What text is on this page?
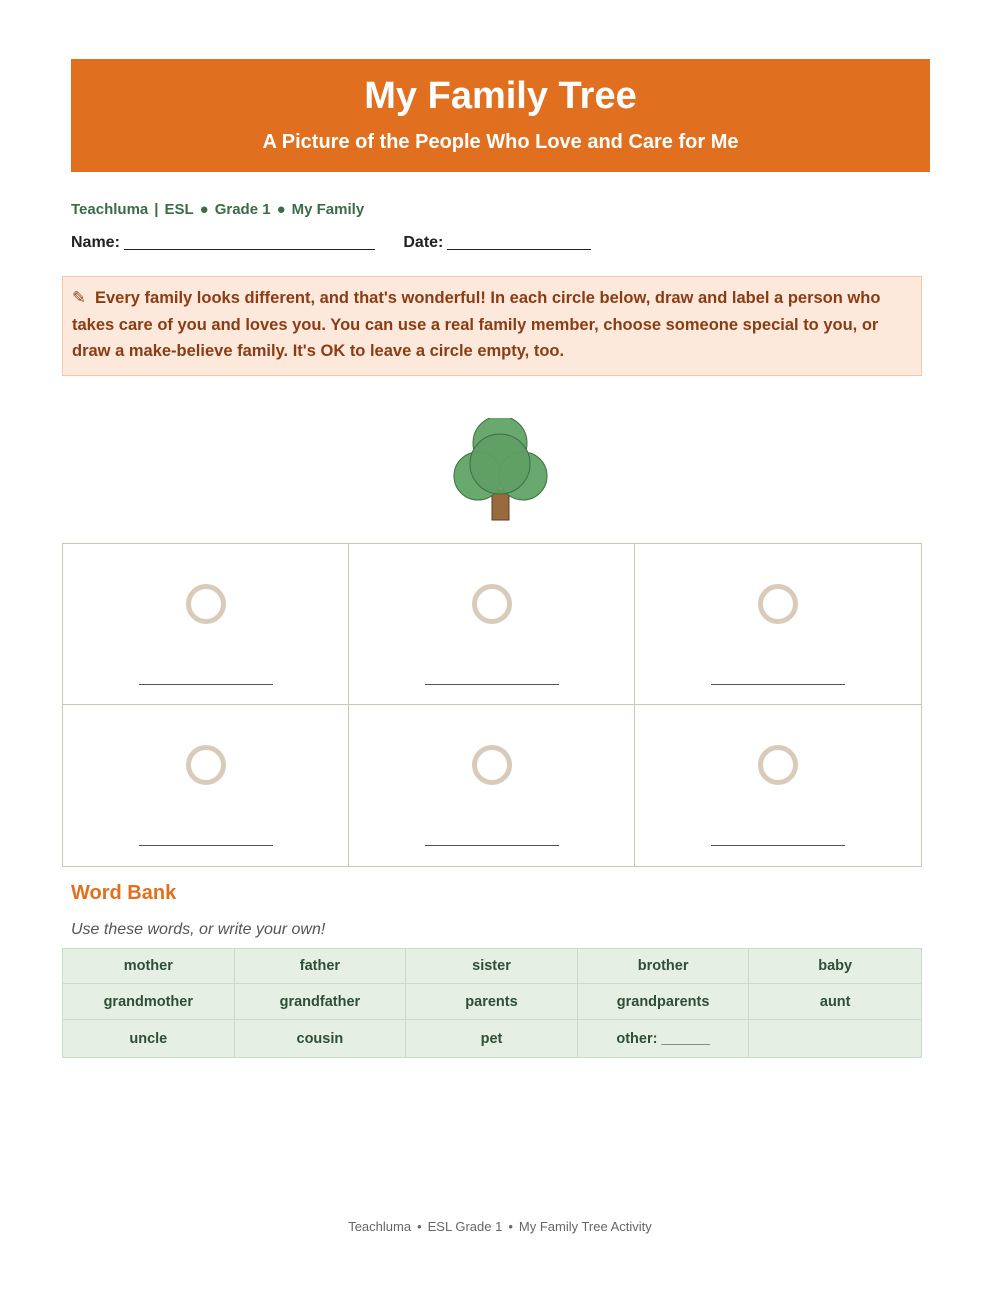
My Family Tree
A Picture of the People Who Love and Care for Me
Teachluma | ESL ● Grade 1 ● My Family
Name:	Date:
✎ Every family looks different, and that's wonderful! In each circle below, draw and label a person who takes care of you and loves you. You can use a real family member, choose someone special to you, or draw a make-believe family. It's OK to leave a circle empty, too.
Word Bank
Use these words, or write your own!
mother	father	sister	brother	baby
grandmother	grandfather	parents	grandparents	aunt
uncle	cousin	pet	other: ______
Teachluma • ESL Grade 1 • My Family Tree Activity
